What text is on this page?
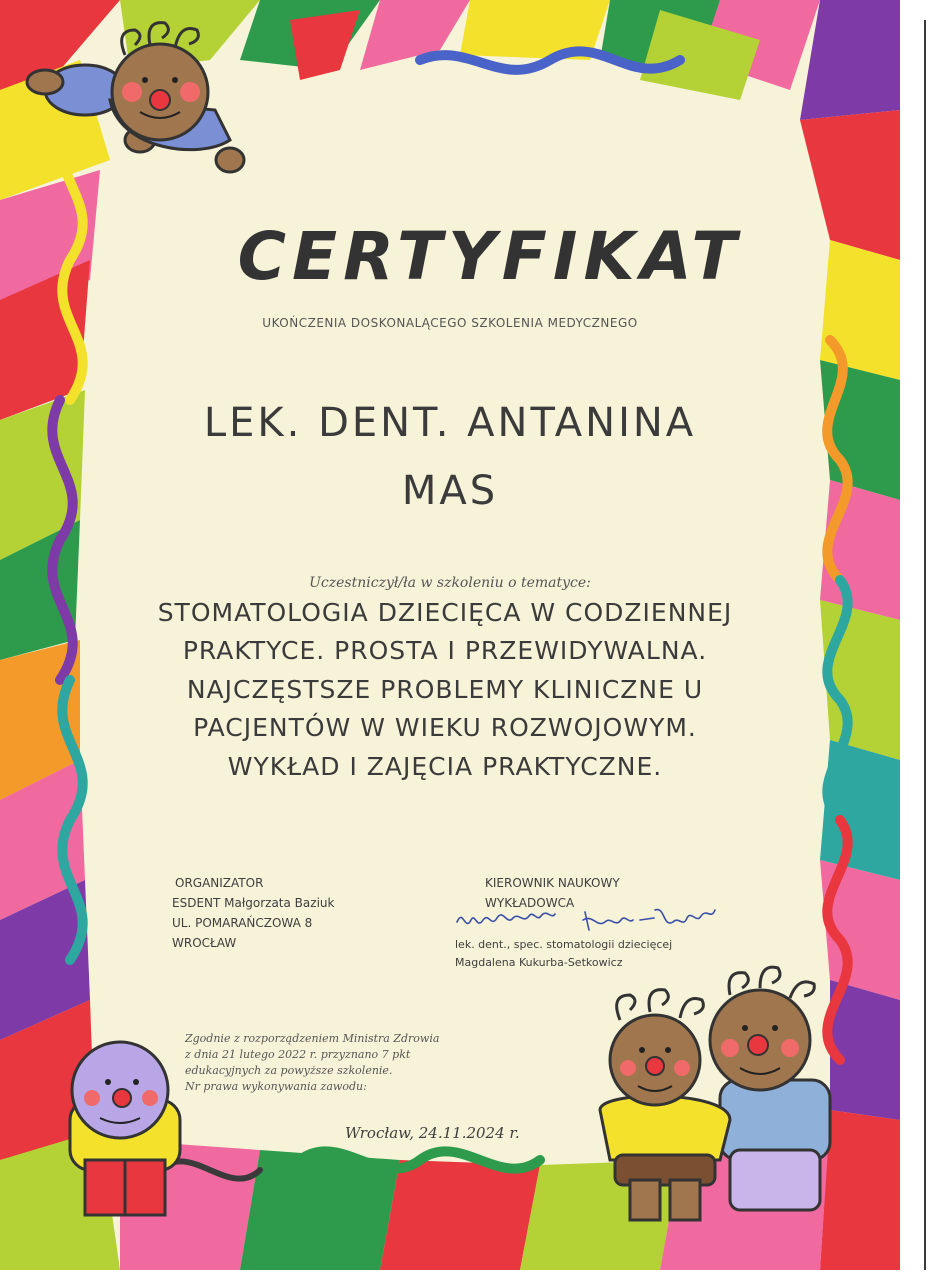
CERTYFIKAT
UKOŃCZENIA DOSKONALĄCEGO SZKOLENIA MEDYCZNEGO
LEK. DENT. ANTANINA
MAS
Uczestniczył/ła w szkoleniu o tematyce:
STOMATOLOGIA DZIECIĘCA W CODZIENNEJ
PRAKTYCE. PROSTA I PRZEWIDYWALNA.
NAJCZĘSTSZE PROBLEMY KLINICZNE U
PACJENTÓW W WIEKU ROZWOJOWYM.
WYKŁAD I ZAJĘCIA PRAKTYCZNE.
ORGANIZATOR
ESDENT Małgorzata Baziuk
UL. POMARAŃCZOWA 8
WROCŁAW
KIEROWNIK NAUKOWY
WYKŁADOWCA
lek. dent., spec. stomatologii dziecięcej
Magdalena Kukurba-Setkowicz
Zgodnie z rozporządzeniem Ministra Zdrowia
z dnia 21 lutego 2022 r. przyznano 7 pkt
edukacyjnych za powyższe szkolenie.
Nr prawa wykonywania zawodu:
Wrocław, 24.11.2024 r.
